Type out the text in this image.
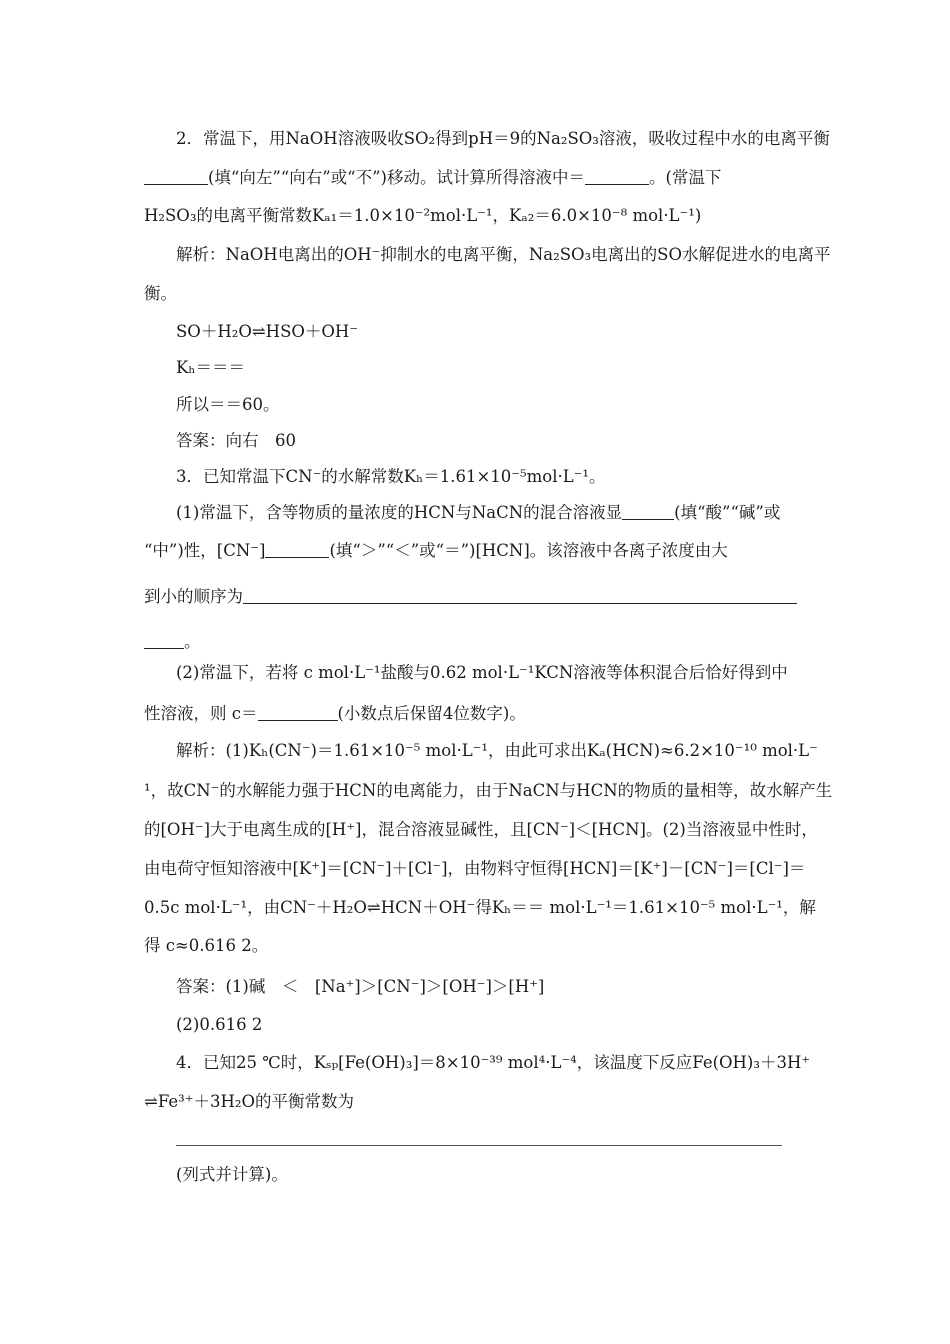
2．常温下，用NaOH溶液吸收SO₂得到pH＝9的Na₂SO₃溶液，吸收过程中水的电离平衡
(填“向左”“向右”或“不”)移动。试计算所得溶液中＝	。(常温下
H₂SO₃的电离平衡常数Kₐ₁＝1.0×10⁻²mol·L⁻¹，Kₐ₂＝6.0×10⁻⁸ mol·L⁻¹)
解析：NaOH电离出的OH⁻抑制水的电离平衡，Na₂SO₃电离出的SO水解促进水的电离平
衡。
SO＋H₂O⇌HSO＋OH⁻
Kₕ＝＝＝
所以＝＝60。
答案：向右　60
3．已知常温下CN⁻的水解常数Kₕ＝1.61×10⁻⁵mol·L⁻¹。
(1)常温下，含等物质的量浓度的HCN与NaCN的混合溶液显	(填“酸”“碱”或
“中”)性，[CN⁻]	(填“＞”“＜”或“＝”)[HCN]。该溶液中各离子浓度由大
到小的顺序为
。
(2)常温下，若将 c mol·L⁻¹盐酸与0.62 mol·L⁻¹KCN溶液等体积混合后恰好得到中
性溶液，则 c＝	(小数点后保留4位数字)。
解析：(1)Kₕ(CN⁻)＝1.61×10⁻⁵ mol·L⁻¹，由此可求出Kₐ(HCN)≈6.2×10⁻¹⁰ mol·L⁻
¹，故CN⁻的水解能力强于HCN的电离能力，由于NaCN与HCN的物质的量相等，故水解产生
的[OH⁻]大于电离生成的[H⁺]，混合溶液显碱性，且[CN⁻]＜[HCN]。(2)当溶液显中性时，
由电荷守恒知溶液中[K⁺]＝[CN⁻]＋[Cl⁻]，由物料守恒得[HCN]＝[K⁺]－[CN⁻]＝[Cl⁻]＝
0.5c mol·L⁻¹，由CN⁻＋H₂O⇌HCN＋OH⁻得Kₕ＝＝ mol·L⁻¹＝1.61×10⁻⁵ mol·L⁻¹，解
得 c≈0.616 2。
答案：(1)碱　＜　[Na⁺]＞[CN⁻]＞[OH⁻]＞[H⁺]
(2)0.616 2
4．已知25 ℃时，Kₛₚ[Fe(OH)₃]＝8×10⁻³⁹ mol⁴·L⁻⁴，该温度下反应Fe(OH)₃＋3H⁺
⇌Fe³⁺＋3H₂O的平衡常数为
(列式并计算)。
